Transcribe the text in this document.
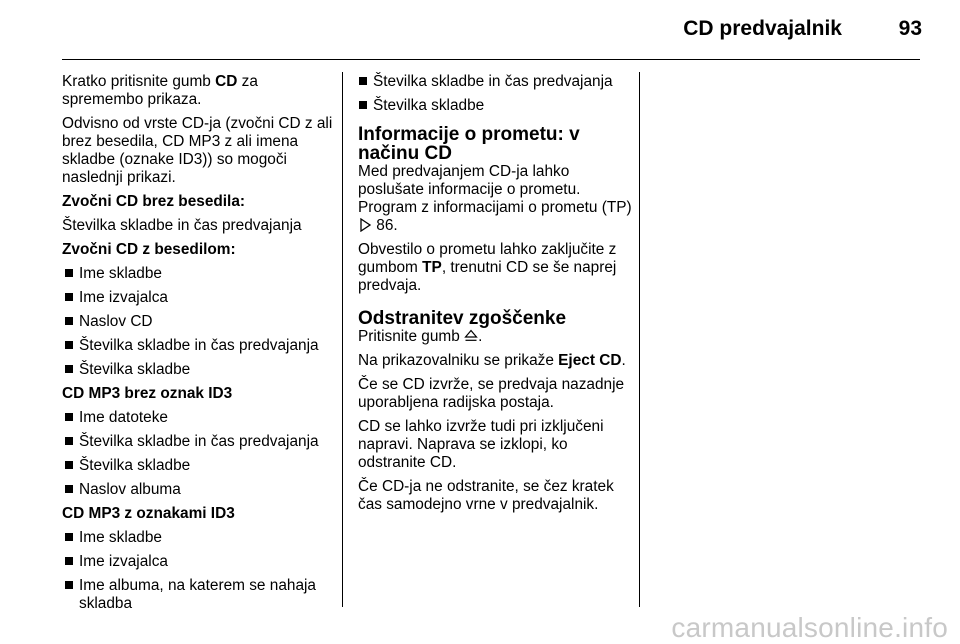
CD predvajalnik	93

Kratko pritisnite gumb CD za spremembo prikaza.

Odvisno od vrste CD-ja (zvočni CD z ali brez besedila, CD MP3 z ali imena skladbe (oznake ID3)) so mogoči naslednji prikazi.

Zvočni CD brez besedila:

Številka skladbe in čas predvajanja

Zvočni CD z besedilom:

Ime skladbe
Ime izvajalca
Naslov CD
Številka skladbe in čas predvajanja
Številka skladbe

CD MP3 brez oznak ID3

Ime datoteke
Številka skladbe in čas predvajanja
Številka skladbe
Naslov albuma

CD MP3 z oznakami ID3

Ime skladbe
Ime izvajalca
Ime albuma, na katerem se nahaja skladba
Številka skladbe in čas predvajanja
Številka skladbe
Informacije o prometu: v načinu CD

Med predvajanjem CD-ja lahko poslušate informacije o prometu. Program z informacijami o prometu (TP)  86.

Obvestilo o prometu lahko zaključite z gumbom TP, trenutni CD se še naprej predvaja.

Odstranitev zgoščenke

Pritisnite gumb .

Na prikazovalniku se prikaže Eject CD.

Če se CD izvrže, se predvaja nazadnje uporabljena radijska postaja.

CD se lahko izvrže tudi pri izključeni napravi. Naprava se izklopi, ko odstranite CD.

Če CD-ja ne odstranite, se čez kratek čas samodejno vrne v predvajalnik.

carmanualsonline.info
